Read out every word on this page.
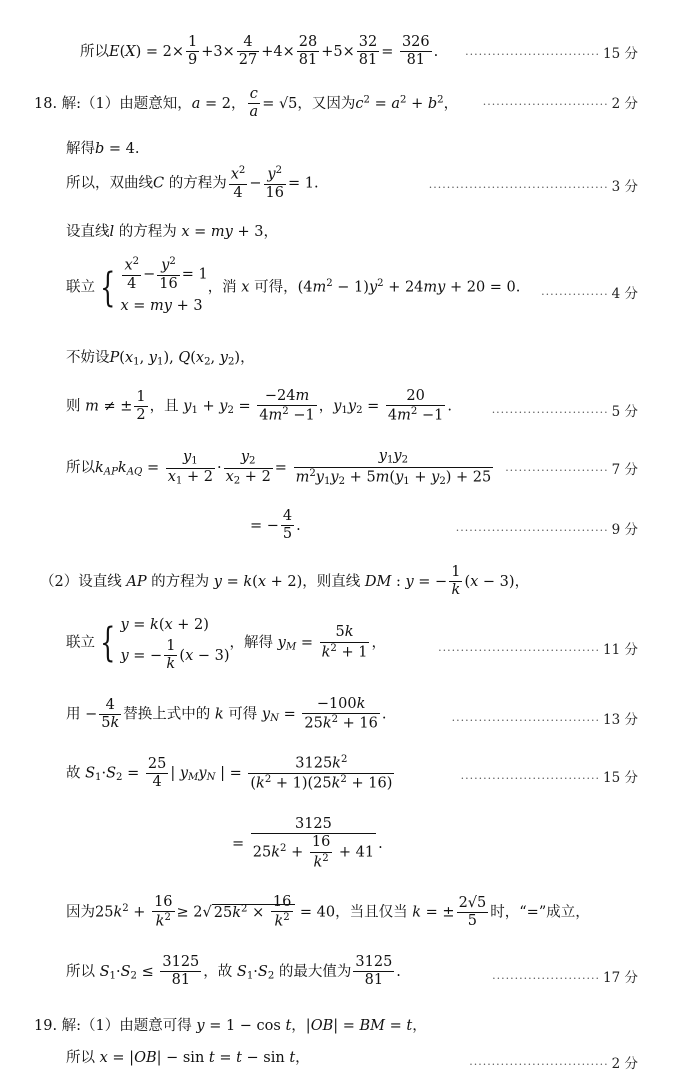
所以$E(X) = 2\times \frac{1}{9} +3\times \frac{4}{27} +4\times \frac{28}{81} +5\times \frac{32}{81} = \frac{326}{81}$ . ······························ 15 分
18. 解:（1）由题意知，a = 2， $\frac{c}{a} = √5$，又因为$c^2 = a^2 + b^2$， ···························· 2 分
解得b = 4.
所以，双曲线C 的方程为 $\frac{x^2}{4} - \frac{y^2}{16} = 1$.	········································ 3 分
设直线l 的方程为 x = my + 3，
联立 { $\frac{x^2}{4} - \frac{y^2}{16} = 1$
x = my + 3
，消 x 可得，$(4m^2 - 1)y^2 + 24my + 20 = 0$. ··············· 4 分
不妨设$P(x_1$, $y_1$), $Q(x_2$, $y_2$)，
则 m ≠ ± $\frac{1}{2}$ ，且 $y_1 + y_2 = \frac{-24m}{4m^2 -1}$ ，$y_1y_2 = \frac{20}{4m^2 -1}$ .	·························· 5 分
所以$k_{AP}k_{AQ} = \frac{y_1}{x_1 + 2} \cdot \frac{y_2}{x_2 + 2} = \frac{y_1y_2}{m^2y_1y_2 + 5m(y_1 + y_2) + 25}$ ······················· 7 分
= − $\frac{4}{5}$ .	·································· 9 分
（2）设直线 AP 的方程为 y = k(x + 2)，则直线 DM : y = − $\frac{1}{k} (x - 3)$，
联立 { y = k(x + 2)
y = − $\frac{1}{k} (x - 3)$
，解得 $y_M = \frac{5k}{k^2 + 1}$ ，	···································· 11 分
用 − $\frac{4}{5k}$ 替换上式中的 k 可得 $y_N = \frac{-100k}{25k^2 + 16}$ .	································· 13 分
故 $S_1\cdot S_2 = \frac{25}{4}$ | $y_My_N$ | = $\frac{3125k^2}{(k^2 + 1)(25k^2 + 16)}$	······························· 15 分
= $\frac{3125}{25k^2 + \frac{16}{k^2} + 41}$ .
因为$25k^2 + \frac{16}{k^2} \ge 2√$ $25k^2 \times \frac{16}{k^2} = 40$，当且仅当 k = ± $\frac{2√5}{5}$ 时，“=”成立，
所以 $S_1\cdot S_2 \le \frac{3125}{81}$ ，故 $S_1\cdot S_2$ 的最大值为 $\frac{3125}{81}$ .	························ 17 分
19. 解:（1）由题意可得 y = 1 − cos t，|OB| = BM = t，
所以 x = |OB| − sin t = t − sin t，	······························· 2 分
